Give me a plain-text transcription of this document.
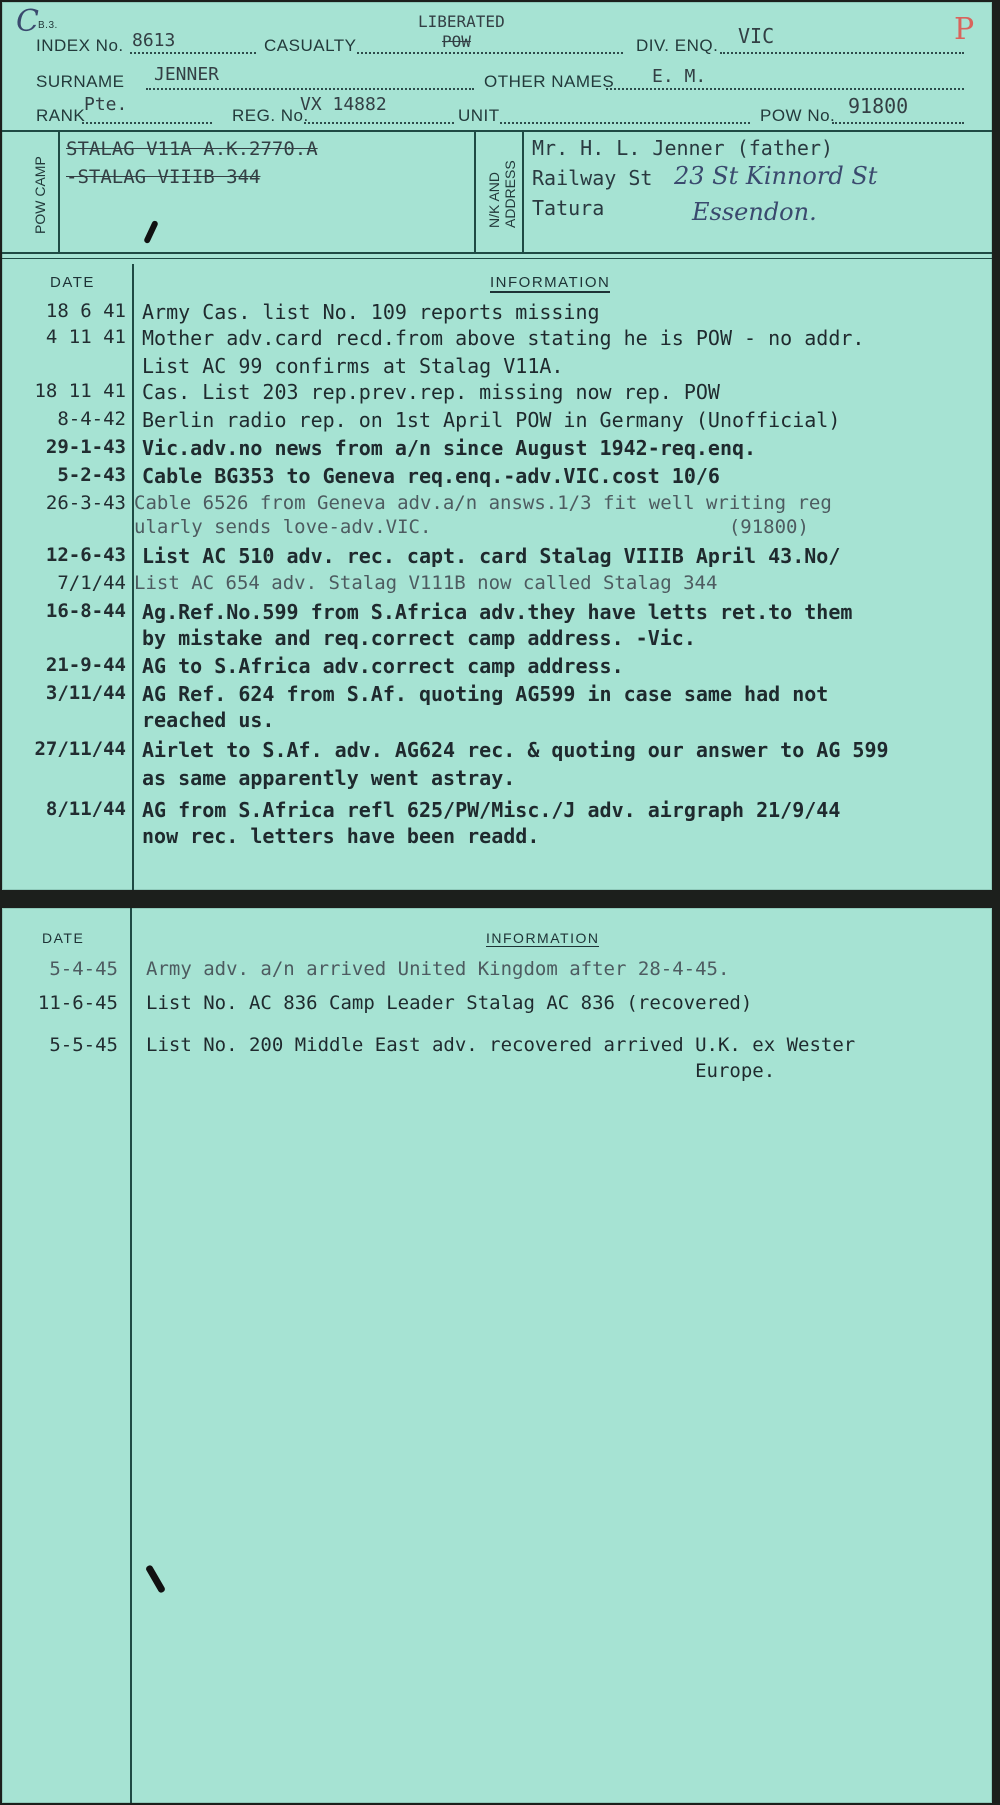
C B.3.	P
INDEX No. 8613	CASUALTY
LIBERATED
POW	DIV. ENQ. VIC
SURNAME JENNER	OTHER NAMES E. M.
RANK
Pte.
REG. No.
VX 14882
UNIT	POW No. 91800
POW CAMP
STALAG V11A A.K.2770.A
-STALAG VIIIB 344	N/K AND ADDRESS
Mr. H. L. Jenner (father)
Railway St
Tatura
23 St Kinnord St
Essendon.
DATE	INFORMATION
18 6 41 Army Cas. list No. 109 reports missing
4 11 41 Mother adv.card recd.from above stating he is POW - no addr.
List AC 99 confirms at Stalag V11A.
18 11 41 Cas. List 203 rep.prev.rep. missing now rep. POW
8-4-42 Berlin radio rep. on 1st April POW in Germany (Unofficial)
29-1-43 Vic.adv.no news from a/n since August 1942-req.enq.
5-2-43 Cable BG353 to Geneva req.enq.-adv.VIC.cost 10/6
26-3-43 Cable 6526 from Geneva adv.a/n answs.1/3 fit well writing reg
ularly sends love-adv.VIC.                          (91800)
12-6-43 List AC 510 adv. rec. capt. card Stalag VIIIB April 43.No/
7/1/44 List AC 654 adv. Stalag V111B now called Stalag 344
16-8-44 Ag.Ref.No.599 from S.Africa adv.they have letts ret.to them
by mistake and req.correct camp address. -Vic.
21-9-44 AG to S.Africa adv.correct camp address.
3/11/44 AG Ref. 624 from S.Af. quoting AG599 in case same had not
reached us.
27/11/44 Airlet to S.Af. adv. AG624 rec. & quoting our answer to AG 599
as same apparently went astray.
8/11/44 AG from S.Africa refl 625/PW/Misc./J adv. airgraph 21/9/44
now rec. letters have been readd.
DATE	INFORMATION
5-4-45 Army adv. a/n arrived United Kingdom after 28-4-45.
11-6-45 List No. AC 836 Camp Leader Stalag AC 836 (recovered)
5-5-45 List No. 200 Middle East adv. recovered arrived U.K. ex Wester
Europe.
